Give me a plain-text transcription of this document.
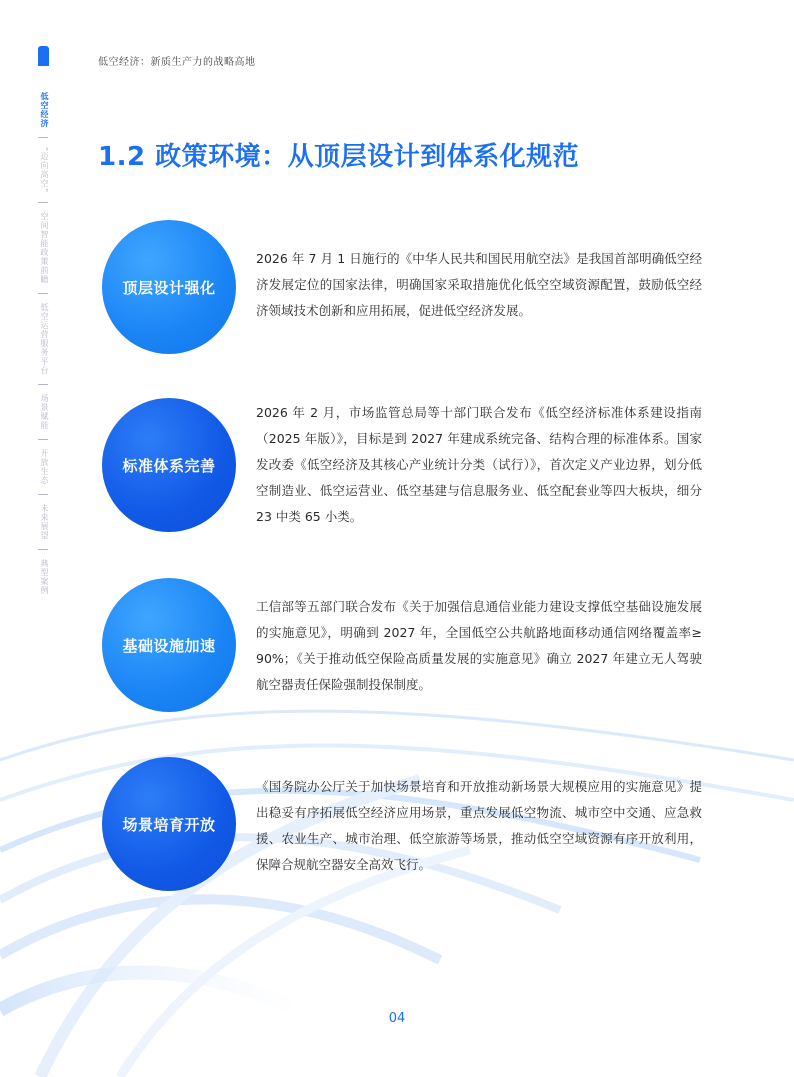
低空经济：新质生产力的战略高地
低空经济
“迈向高空”
空间智能政策前瞻
低空运营服务平台
场景赋能
开放生态
未来展望
典型案例
1.2 政策环境：从顶层设计到体系化规范
顶层设计强化

2026 年 7 月 1 日施行的《中华人民共和国民用航空法》是我国首部明确低空经济发展定位的国家法律，明确国家采取措施优化低空空域资源配置，鼓励低空经济领域技术创新和应用拓展，促进低空经济发展。

标准体系完善

2026 年 2 月，市场监管总局等十部门联合发布《低空经济标准体系建设指南（2025 年版）》，目标是到 2027 年建成系统完备、结构合理的标准体系。国家发改委《低空经济及其核心产业统计分类（试行）》，首次定义产业边界，划分低空制造业、低空运营业、低空基建与信息服务业、低空配套业等四大板块，细分 23 中类 65 小类。

基础设施加速

工信部等五部门联合发布《关于加强信息通信业能力建设支撑低空基础设施发展的实施意见》，明确到 2027 年，全国低空公共航路地面移动通信网络覆盖率≥ 90%；《关于推动低空保险高质量发展的实施意见》确立 2027 年建立无人驾驶航空器责任保险强制投保制度。

场景培育开放

《国务院办公厅关于加快场景培育和开放推动新场景大规模应用的实施意见》提出稳妥有序拓展低空经济应用场景，重点发展低空物流、城市空中交通、应急救援、农业生产、城市治理、低空旅游等场景，推动低空空域资源有序开放利用，保障合规航空器安全高效飞行。

04
